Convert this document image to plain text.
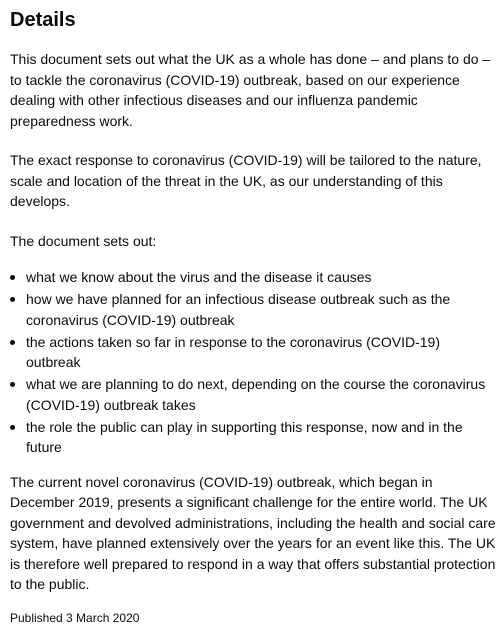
Details

This document sets out what the UK as a whole has done – and plans to do – to tackle the coronavirus (COVID-19) outbreak, based on our experience dealing with other infectious diseases and our influenza pandemic preparedness work.

The exact response to coronavirus (COVID-19) will be tailored to the nature, scale and location of the threat in the UK, as our understanding of this develops.

The document sets out:

what we know about the virus and the disease it causes
how we have planned for an infectious disease outbreak such as the coronavirus (COVID-19) outbreak
the actions taken so far in response to the coronavirus (COVID-19) outbreak
what we are planning to do next, depending on the course the coronavirus (COVID-19) outbreak takes
the role the public can play in supporting this response, now and in the future

The current novel coronavirus (COVID-19) outbreak, which began in December 2019, presents a significant challenge for the entire world. The UK government and devolved administrations, including the health and social care system, have planned extensively over the years for an event like this. The UK is therefore well prepared to respond in a way that offers substantial protection to the public.

Published 3 March 2020
